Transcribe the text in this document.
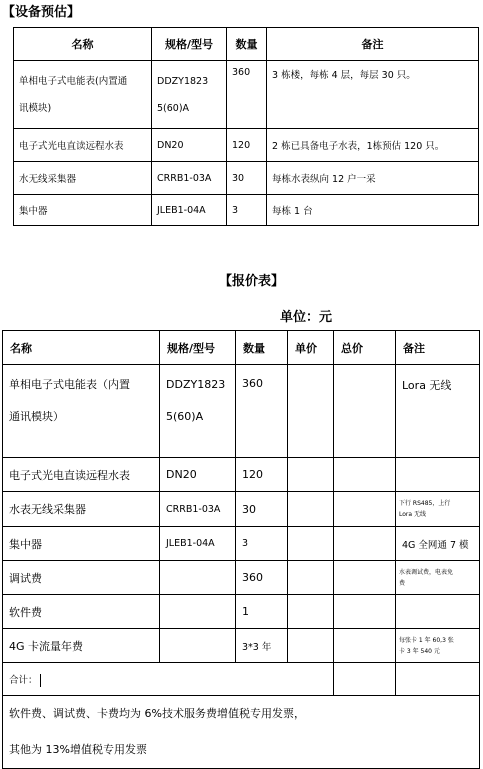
【设备预估】
名称	规格/型号	数量	备注
单相电子式电能表(内置通
讯模块)	DDZY1823
5(60)A	360	3 栋楼，每栋 4 层，每层 30 只。
电子式光电直读远程水表	DN20	120	2 栋已具备电子水表，1栋预估 120 只。
水无线采集器	CRRB1-03A	30	每栋水表纵向 12 户一采
集中器	JLEB1-04A	3	每栋 1 台
【报价表】
单位：元
名称	规格/型号	数量	单价	总价	备注
单相电子式电能表（内置
通讯模块）	DDZY1823
5(60)A	360			Lora 无线
电子式光电直读远程水表	DN20	120			
水表无线采集器	CRRB1-03A	30			下行 RS485，上行
Lora 无线
集中器	JLEB1-04A	3			4G 全网通 7 模
调试费		360			水表调试费，电表免
费
软件费		1			
4G 卡流量年费		3*3 年			每张卡 1 年 60,3 张
卡 3 年 540 元
合计：					
软件费、调试费、卡费均为 6%技术服务费增值税专用发票，					
其他为 13%增值税专用发票					
